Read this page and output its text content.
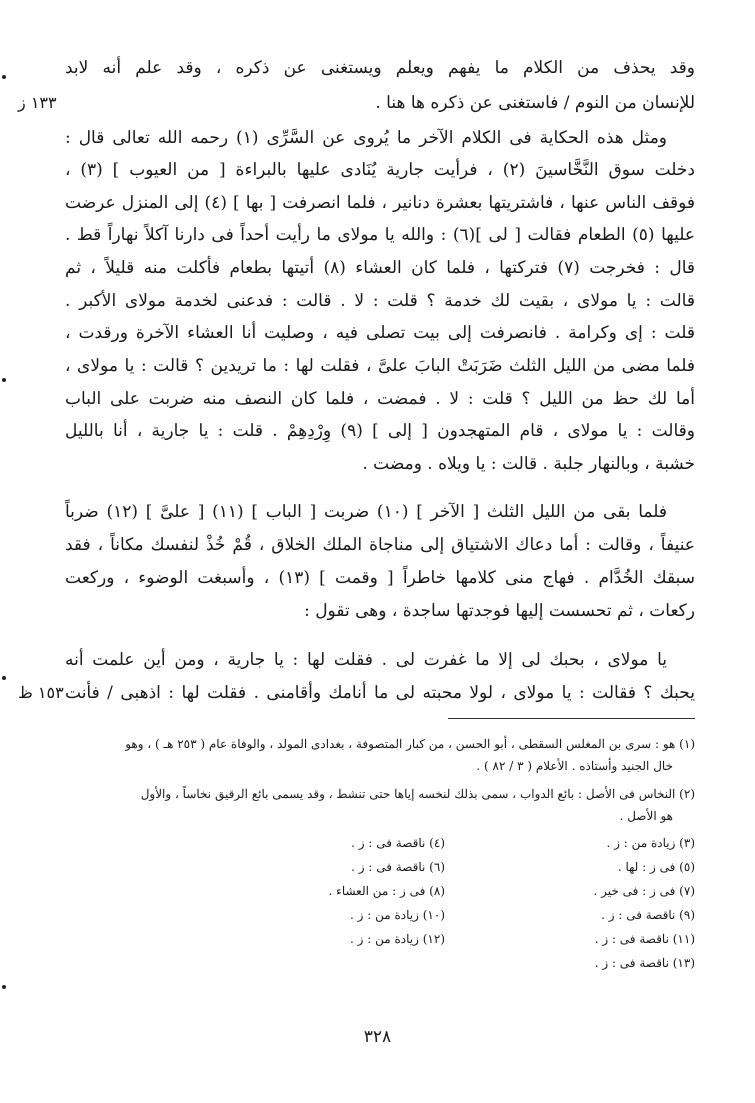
وقد يحذف من الكلام ما يفهم ويعلم ويستغنى عن ذكره ، وقد علم أنه لابد
للإنسان من النوم / فاستغنى عن ذكره ها هنا .
ومثل هذه الحكاية فى الكلام الآخر ما يُروى عن السَّرِّى (١) رحمه الله تعالى قال :
دخلت سوق النَّخَّاسينَ (٢) ، فرأيت جارية يُنَادى عليها بالبراءة [ من العيوب ] (٣) ،
فوقف الناس عنها ، فاشتريتها بعشرة دنانير ، فلما انصرفت [ بها ] (٤) إلى المنزل عرضت
عليها (٥) الطعام فقالت [ لى ](٦) : والله يا مولاى ما رأيت أحداً فى دارنا آكلاً نهاراً قط .
قال : فخرجت (٧) فتركتها ، فلما كان العشاء (٨) أتيتها بطعام فأكلت منه قليلاً ، ثم
قالت : يا مولاى ، بقيت لك خدمة ؟ قلت : لا . قالت : فدعنى لخدمة مولاى الأكبر .
قلت : إى وكرامة . فانصرفت إلى بيت تصلى فيه ، وصليت أنا العشاء الآخرة ورقدت ،
فلما مضى من الليل الثلث ضَرَبَتْ البابَ علىَّ ، فقلت لها : ما تريدين ؟ قالت : يا مولاى ،
أما لك حظ من الليل ؟ قلت : لا . فمضت ، فلما كان النصف منه ضربت على الباب
وقالت : يا مولاى ، قام المتهجدون [ إلى ] (٩) وِرْدِهِمْ . قلت : يا جارية ، أنا بالليل
خشبة ، وبالنهار جلبة . قالت : يا ويلاه . ومضت .
فلما بقى من الليل الثلث [ الآخر ] (١٠) ضربت [ الباب ] (١١) [ علىَّ ] (١٢) ضرباً
عنيفاً ، وقالت : أما دعاك الاشتياق إلى مناجاة الملك الخلاق ، قُمْ خُذْ لنفسك مكاناً ، فقد
سبقك الخُدَّام . فهاج منى كلامها خاطراً [ وقمت ] (١٣) ، وأسبغت الوضوء ، وركعت
ركعات ، ثم تحسست إليها فوجدتها ساجدة ، وهى تقول :
يا مولاى ، بحبك لى إلا ما غفرت لى . فقلت لها : يا جارية ، ومن أين علمت أنه
يحبك ؟ فقالت : يا مولاى ، لولا محبته لى ما أنامك وأقامنى . فقلت لها : اذهبى / فأنت
١٣٣ ز
١٥٣ ظ
(١) هو : سرى بن المغلس السقطى ، أبو الحسن ، من كبار المتصوفة ، بغدادى المولد ، والوفاة عام ( ٢٥٣ هـ ) ، وهو
خال الجنيد وأستاذه . الأعلام ( ٣ / ٨٢ ) .
(٢) النخاس فى الأصل : بائع الدواب ، سمى بذلك لنخسه إياها حتى تنشط ، وقد يسمى بائع الرقيق نخاساً ، والأول
هو الأصل .
(٣) زيادة من : ز .
(٥) فى ز : لها .
(٧) فى ز : فى خير .
(٩) ناقصة فى : ز .
(١١) ناقصة فى : ز .
(١٣) ناقصة فى : ز .
(٤) ناقصة فى : ز .
(٦) ناقصة فى : ز .
(٨) فى ز : من العشاء .
(١٠) زيادة من : ز .
(١٢) زيادة من : ز .
٣٢٨
